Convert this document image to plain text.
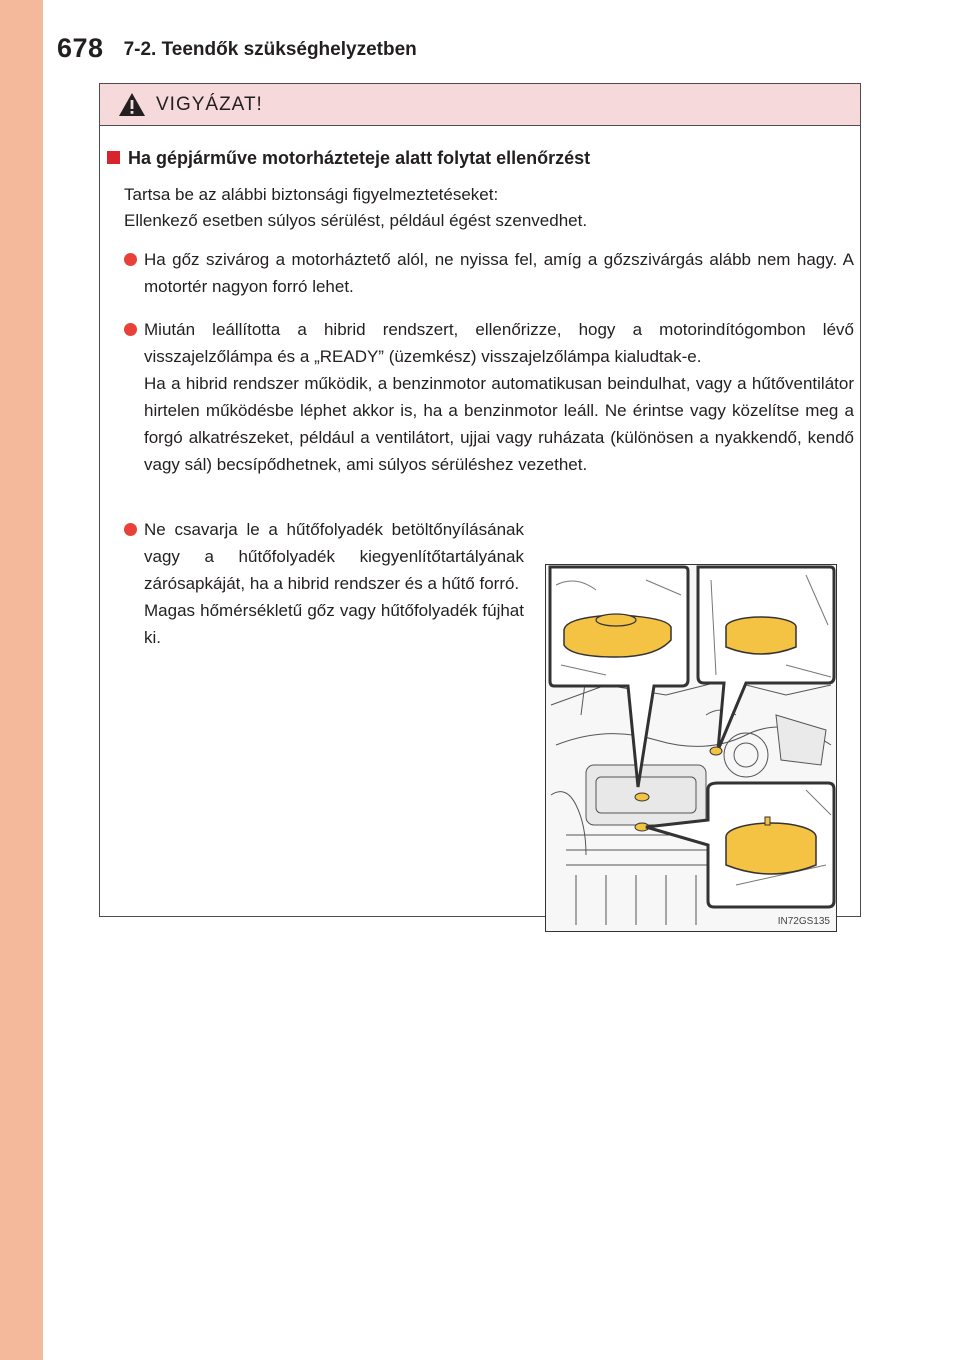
678 7-2. Teendők szükséghelyzetben
VIGYÁZAT!
Ha gépjárműve motorházteteje alatt folytat ellenőrzést
Tartsa be az alábbi biztonsági figyelmeztetéseket:
Ellenkező esetben súlyos sérülést, például égést szenvedhet.

Ha gőz szivárog a motorháztető alól, ne nyissa fel, amíg a gőzszivárgás alább nem hagy. A motortér nagyon forró lehet.

Miután leállította a hibrid rendszert, ellenőrizze, hogy a motorindítógombon lévő visszajelzőlámpa és a „READY” (üzemkész) visszajelzőlámpa kialudtak-e.

Ha a hibrid rendszer működik, a benzinmotor automatikusan beindulhat, vagy a hűtőventilátor hirtelen működésbe léphet akkor is, ha a benzinmotor leáll. Ne érintse vagy közelítse meg a forgó alkatrészeket, például a ventilátort, ujjai vagy ruházata (különösen a nyakkendő, kendő vagy sál) becsípődhetnek, ami súlyos sérüléshez vezethet.

Ne csavarja le a hűtőfolyadék betöltőnyílásának vagy a hűtőfolyadék kiegyenlítőtartályának zárósapkáját, ha a hibrid rendszer és a hűtő forró.

Magas hőmérsékletű gőz vagy hűtőfolyadék fújhat ki.

IN72GS135
